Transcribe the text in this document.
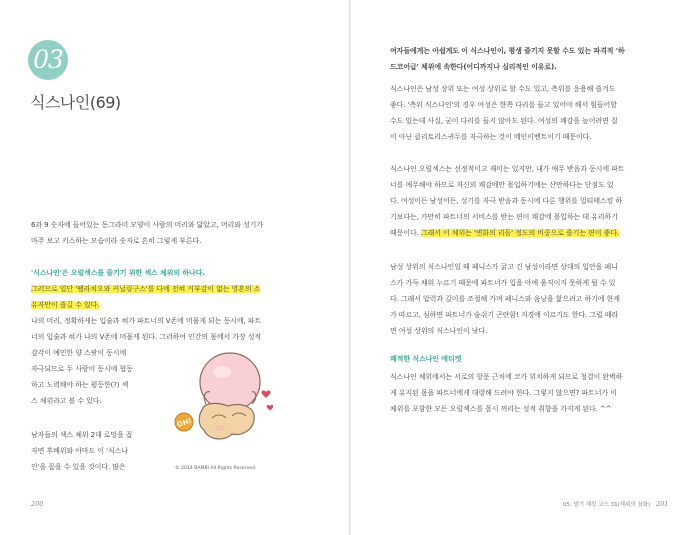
03
식스나인(69)
6과 9 숫자에 들어있는 동그라미 모양이 사람의 머리와 닮았고, 머리와 성기가
마주 보고 키스하는 모습이라 숫자로 흔히 그렇게 부른다.
'식스나인'은 오럴섹스를 즐기기 위한 섹스 체위의 하나다.
그러므로 일단 '펠라치오와 커닐링구스'를 다에 전혀 거부감이 없는 영혼의 소
유자만이 즐길 수 있다.
나의 머리, 정확하게는 입술과 혀가 파트너의 V존에 머물게 되는 동시에, 파트
너의 입술과 혀가 나의 V존에 머물게 된다. 그러하여 인간의 몸에서 가장 성적
감각이 예민한 양 스팟이 동시에
자극되므로 두 사람이 동시에 협동
하고 노력해야 하는 평등한(?) 섹
스 체위라고 볼 수 있다.
남자들의 섹스 체위 2대 로망을 꼽
자면 후배위와 아마도 이 '식스나
인'을 꼽을 수 있을 것이다. 많은
OH!
© 2014 BAMBI All Rights Reserved.
200
여자들에게는 아쉽게도 이 식스나인이, 평생 즐기지 못할 수도 있는 파격적 '하
드코어급' 체위에 속한다(어디까지나 심리적인 이유로).
식스나인은 남성 상위 또는 여성 상위로 할 수도 있고, 측위를 응용해 즐겨도
좋다. '측위 식스나인'의 경우 여성은 한쪽 다리를 들고 있어야 해서 힘들어할
수도 있는데 사실, 굳이 다리를 들지 않아도 된다. 여성의 쾌감을 높이려면 질
이 아닌 클리토리스귀두를 자극하는 것이 메인이벤트이기 때문이다.
식스나인 오럴섹스는 선정적이고 재미는 있지만, 내가 애무 받음과 동시에 파트
너를 애무해야 하므로 자신의 쾌감에만 몰입하기에는 산만하다는 단점도 있
다. 여성이든 남성이든, 성기를 자극 받음과 동시에 다른 행위를 멀티태스킹 하
기보다는, 가만히 파트너의 서비스를 받는 편이 쾌감에 몰입하는 데 유리하기
때문이다. 그래서 이 체위는 '변화의 리듬' 정도의 비중으로 즐기는 편이 좋다.
남성 상위의 식스나인일 때 페니스가 굵고 긴 남성이라면 상대의 입안을 페니
스가 가득 채워 누르기 때문에 파트너가 입을 아예 움직이지 못하게 될 수 있
다. 그래서 압력과 깊이를 조절해 가며 페니스와 음낭을 핥으려고 하기에 한계
가 따르고, 심하면 파트너가 숨쉬기 곤란함! 지경에 이르기도 한다. 그럴 때라
면 여성 상위의 식스나인이 낫다.
쾌적한 식스나인 에티켓
식스나인 체위에서는 서로의 항문 근처에 코가 위치하게 되므로 청결이 완벽하
게 유지된 몸을 파트너에게 대령해 드려야 한다. 그렇지 않으면? 파트너가 이
체위를 포함한 모든 오럴섹스를 몹시 꺼리는 성적 취향을 가지게 된다. ^^
05. 발기 해킹 교스 31(체위의 심화) 201
